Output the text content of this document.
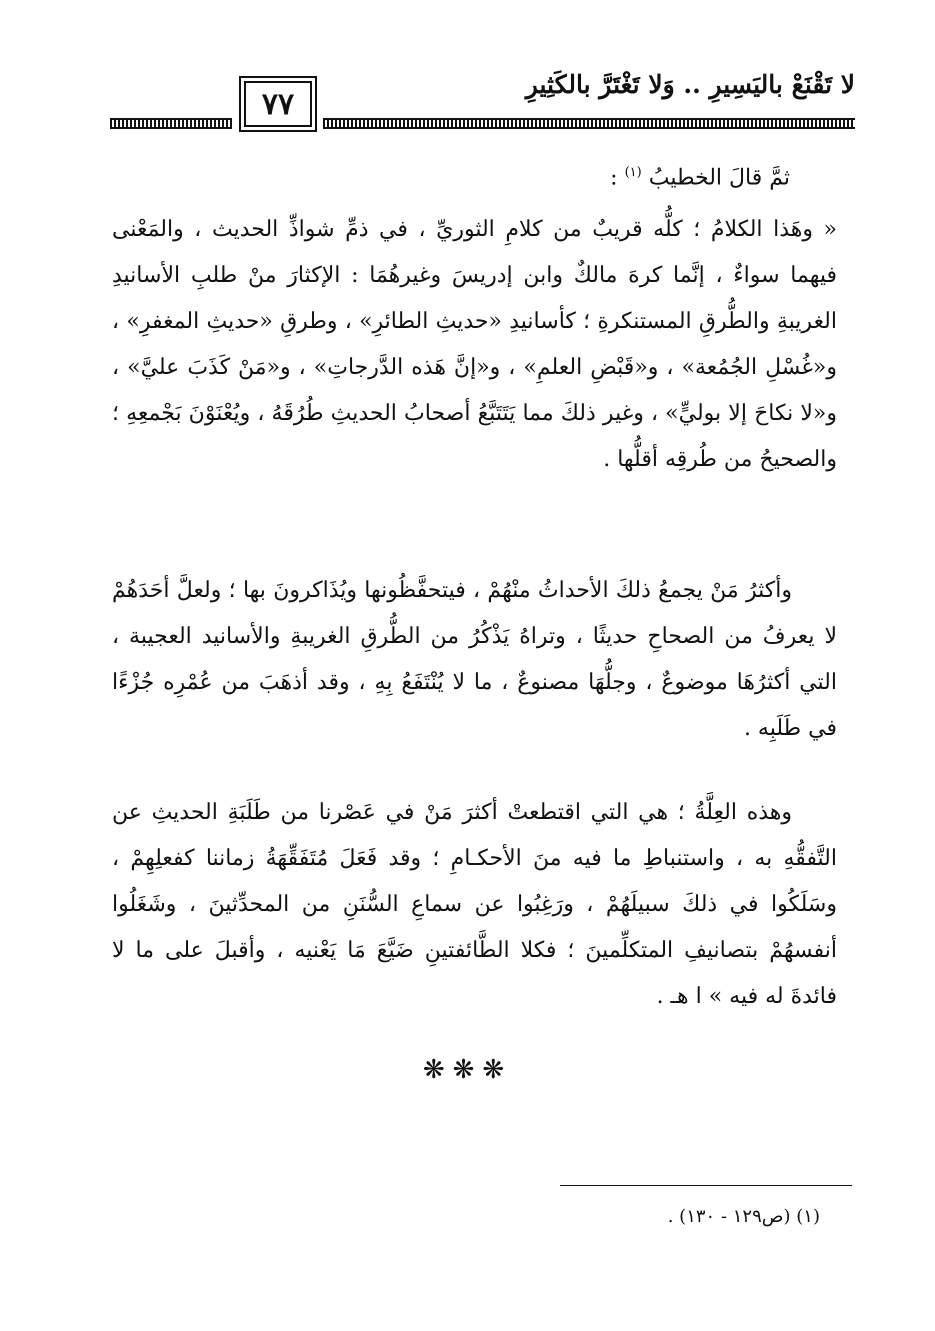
٧٧
لا تَقْنَعْ باليَسِيرِ .. وَلا تَغْتَرَّ بالكَثِيرِ
ثمَّ قالَ الخطيبُ $^{(١)}$ :
« وهَذا الكلامُ ؛ كلُّه قريبٌ من كلامِ الثوريِّ ، في ذمِّ شواذِّ الحديث ، والمَعْنى فيهما سواءٌ ، إنَّما كرهَ مالكٌ وابن إدريسَ وغيرهُمَا : الإكثارَ منْ طلبِ الأسانيدِ الغريبةِ والطُّرقِ المستنكرةِ ؛ كأسانيدِ «حديثِ الطائرِ» ، وطرقِ «حديثِ المغفرِ» ، و«غُسْلِ الجُمُعة» ، و«قَبْضِ العلمِ» ، و«إنَّ هَذه الدَّرجاتِ» ، و«مَنْ كَذَبَ عليَّ» ، و«لا نكاحَ إلا بوليٍّ» ، وغير ذلكَ مما يَتَتَبَّعُ أصحابُ الحديثِ طُرُقَهُ ، ويُعْنَوْنَ بَجْمعِهِ ؛ والصحيحُ من طُرقِه أقلُّها .
وأكثرُ مَنْ يجمعُ ذلكَ الأحداثُ منْهُمْ ، فيتحفَّظُونها ويُذَاكرونَ بها ؛ ولعلَّ أحَدَهُمْ لا يعرفُ من الصحاحِ حديثًا ، وتراهُ يَذْكُرُ من الطُّرقِ الغريبةِ والأسانيد العجيبة ، التي أكثرُهَا موضوعٌ ، وجلُّهَا مصنوعٌ ، ما لا يُنْتَفَعُ بِهِ ، وقد أذهَبَ من عُمْرِه جُزْءًا في طَلَبِه .
وهذه العِلَّةُ ؛ هي التي اقتطعتْ أكثرَ مَنْ في عَصْرنا من طَلَبَةِ الحديثِ عن التَّفقُّهِ به ، واستنباطِ ما فيه منَ الأحكـامِ ؛ وقد فَعَلَ مُتَفَقِّهَةُ زماننا كفعلِهِمْ ، وسَلَكُوا في ذلكَ سبيلَهُمْ ، ورَغِبُوا عن سماعِ السُّنَنِ من المحدِّثينَ ، وشَغَلُوا أنفسهُمْ بتصانيفِ المتكلِّمينَ ؛ فكلا الطَّائفتينِ ضَيَّعَ مَا يَعْنيه ، وأقبلَ على ما لا فائدةَ له فيه » ا هـ .
❋❋❋
(١) (ص١٢٩ - ١٣٠) .
